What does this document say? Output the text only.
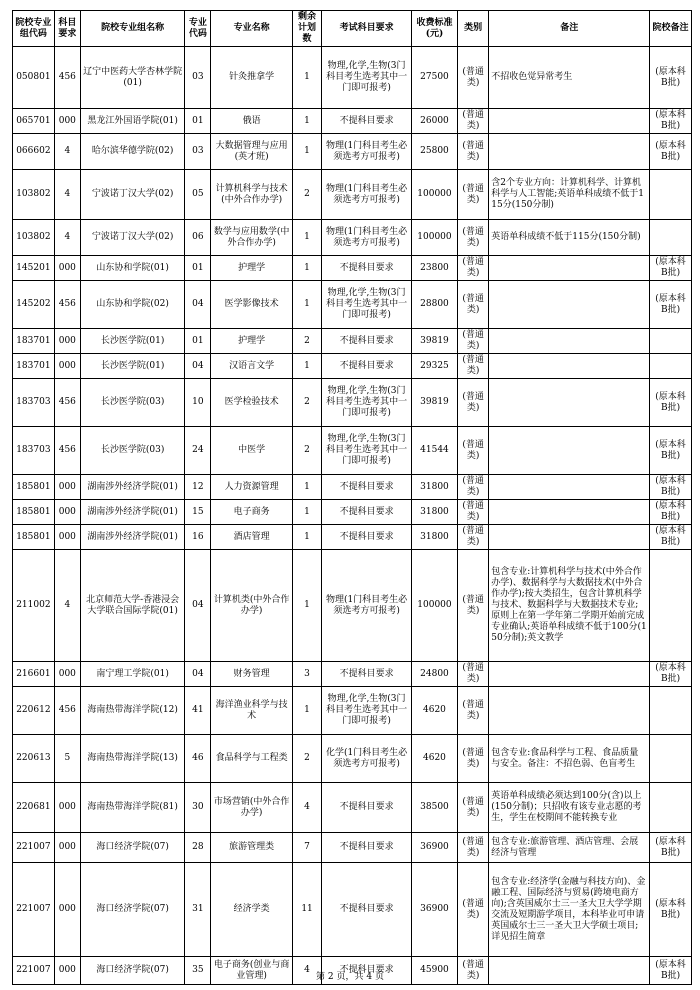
院校专业组代码	科目要求	院校专业组名称	专业代码	专业名称	剩余计划数	考试科目要求	收费标准(元)	类别	备注	院校备注
050801	456	辽宁中医药大学杏林学院(01)	03	针灸推拿学	1	物理,化学,生物(3门科目考生选考其中一门即可报考)	27500	(普通类)	不招收色觉异常考生	(原本科B批)
065701	000	黑龙江外国语学院(01)	01	俄语	1	不提科目要求	26000	(普通类)		(原本科B批)
066602	4	哈尔滨华德学院(02)	03	大数据管理与应用(英才班)	1	物理(1门科目考生必须选考方可报考)	25800	(普通类)		(原本科B批)
103802	4	宁波诺丁汉大学(02)	05	计算机科学与技术(中外合作办学)	2	物理(1门科目考生必须选考方可报考)	100000	(普通类)	含2个专业方向：计算机科学、计算机科学与人工智能;英语单科成绩不低于115分(150分制)	
103802	4	宁波诺丁汉大学(02)	06	数学与应用数学(中外合作办学)	1	物理(1门科目考生必须选考方可报考)	100000	(普通类)	英语单科成绩不低于115分(150分制)	
145201	000	山东协和学院(01)	01	护理学	1	不提科目要求	23800	(普通类)		(原本科B批)
145202	456	山东协和学院(02)	04	医学影像技术	1	物理,化学,生物(3门科目考生选考其中一门即可报考)	28800	(普通类)		(原本科B批)
183701	000	长沙医学院(01)	01	护理学	2	不提科目要求	39819	(普通类)		
183701	000	长沙医学院(01)	04	汉语言文学	1	不提科目要求	29325	(普通类)		
183703	456	长沙医学院(03)	10	医学检验技术	2	物理,化学,生物(3门科目考生选考其中一门即可报考)	39819	(普通类)		(原本科B批)
183703	456	长沙医学院(03)	24	中医学	2	物理,化学,生物(3门科目考生选考其中一门即可报考)	41544	(普通类)		(原本科B批)
185801	000	湖南涉外经济学院(01)	12	人力资源管理	1	不提科目要求	31800	(普通类)		(原本科B批)
185801	000	湖南涉外经济学院(01)	15	电子商务	1	不提科目要求	31800	(普通类)		(原本科B批)
185801	000	湖南涉外经济学院(01)	16	酒店管理	1	不提科目要求	31800	(普通类)		(原本科B批)
211002	4	北京师范大学-香港浸会大学联合国际学院(01)	04	计算机类(中外合作办学)	1	物理(1门科目考生必须选考方可报考)	100000	(普通类)	包含专业:计算机科学与技术(中外合作办学)、数据科学与大数据技术(中外合作办学);按大类招生，包含计算机科学与技术、数据科学与大数据技术专业;原则上在第一学年第二学期开始前完成专业确认;英语单科成绩不低于100分(150分制);英文教学	
216601	000	南宁理工学院(01)	04	财务管理	3	不提科目要求	24800	(普通类)		(原本科B批)
220612	456	海南热带海洋学院(12)	41	海洋渔业科学与技术	1	物理,化学,生物(3门科目考生选考其中一门即可报考)	4620	(普通类)		
220613	5	海南热带海洋学院(13)	46	食品科学与工程类	2	化学(1门科目考生必须选考方可报考)	4620	(普通类)	包含专业:食品科学与工程、食品质量与安全。备注：不招色弱、色盲考生	
220681	000	海南热带海洋学院(81)	30	市场营销(中外合作办学)	4	不提科目要求	38500	(普通类)	英语单科成绩必须达到100分(含)以上(150分制)；只招收有该专业志愿的考生，学生在校期间不能转换专业	
221007	000	海口经济学院(07)	28	旅游管理类	7	不提科目要求	36900	(普通类)	包含专业:旅游管理、酒店管理、会展经济与管理	(原本科B批)
221007	000	海口经济学院(07)	31	经济学类	11	不提科目要求	36900	(普通类)	包含专业:经济学(金融与科技方向)、金融工程、国际经济与贸易(跨境电商方向);含英国威尔士三一圣大卫大学学期交流及短期游学项目，本科毕业可申请英国威尔士三一圣大卫大学硕士项目;详见招生简章	(原本科B批)
221007	000	海口经济学院(07)	35	电子商务(创业与商业管理)	4	不提科目要求	45900	(普通类)		(原本科B批)
第 2 页，共 4 页
